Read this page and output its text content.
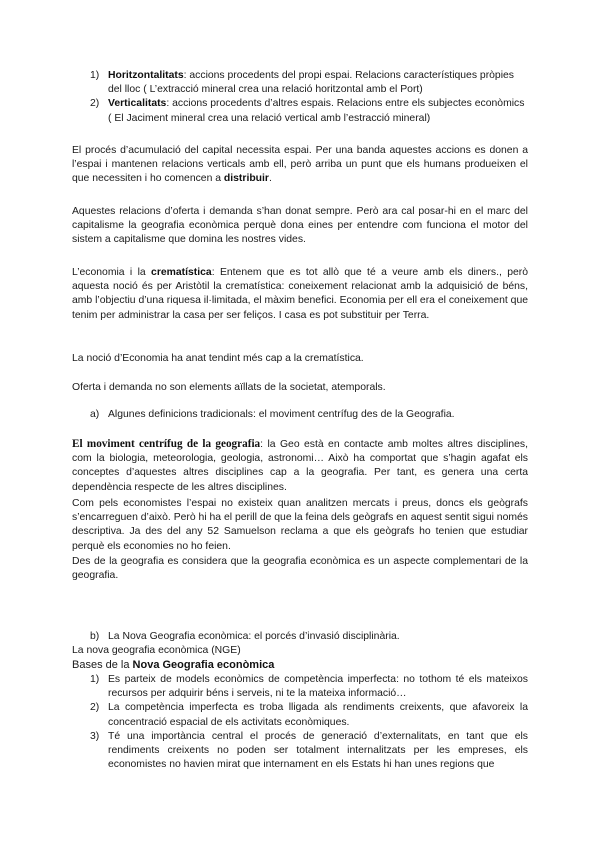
1) Horitzontalitats: accions procedents del propi espai. Relacions característiques pròpies del lloc ( L’extracció mineral crea una relació horitzontal amb el Port)
2) Verticalitats: accions procedents d’altres espais. Relacions entre els subjectes econòmics ( El Jaciment mineral crea una relació vertical amb l’estracció mineral)

El procés d’acumulació del capital necessita espai. Per una banda aquestes accions es donen a l’espai i mantenen relacions verticals amb ell, però arriba un punt que els humans produeixen el que necessiten i ho comencen a distribuir.

Aquestes relacions d’oferta i demanda s’han donat sempre. Però ara cal posar-hi en el marc del capitalisme la geografia econòmica perquè dona eines per entendre com funciona el motor del sistem a capitalisme que domina les nostres vides.

L’economia i la crematística: Entenem que es tot allò que té a veure amb els diners., però aquesta noció és per Aristòtil la crematística: coneixement relacionat amb la adquisició de béns, amb l’objectiu d’una riquesa il·limitada, el màxim benefici. Economia per ell era el coneixement que tenim per administrar la casa per ser feliços. I casa es pot substituir per Terra.

La noció d’Economia ha anat tendint més cap a la crematística.

Oferta i demanda no son elements aïllats de la societat, atemporals.

a) Algunes definicions tradicionals: el moviment centrífug des de la Geografia.

El moviment centrífug de la geografia: la Geo està en contacte amb moltes altres disciplines, com la biologia, meteorologia, geologia, astronomi… Això ha comportat que s’hagin agafat els conceptes d’aquestes altres disciplines cap a la geografia. Per tant, es genera una certa dependència respecte de les altres disciplines.

Com pels economistes l’espai no existeix quan analitzen mercats i preus, doncs els geògrafs s’encarreguen d’això. Però hi ha el perill de que la feina dels geògrafs en aquest sentit sigui només descriptiva. Ja des del any 52 Samuelson reclama a que els geògrafs ho tenien que estudiar perquè els economies no ho feien.

Des de la geografia es considera que la geografia econòmica es un aspecte complementari de la geografia.

b) La Nova Geografia econòmica: el porcés d’invasió disciplinària.

La nova geografia econòmica (NGE)

Bases de la Nova Geografia econòmica

1) Es parteix de models econòmics de competència imperfecta: no tothom té els mateixos recursos per adquirir béns i serveis, ni te la mateixa informació…
2) La competència imperfecta es troba lligada als rendiments creixents, que afavoreix la concentració espacial de els activitats econòmiques.
3) Té una importància central el procés de generació d’externalitats, en tant que els rendiments creixents no poden ser totalment internalitzats per les empreses, els economistes no havien mirat que internament en els Estats hi han unes regions que
